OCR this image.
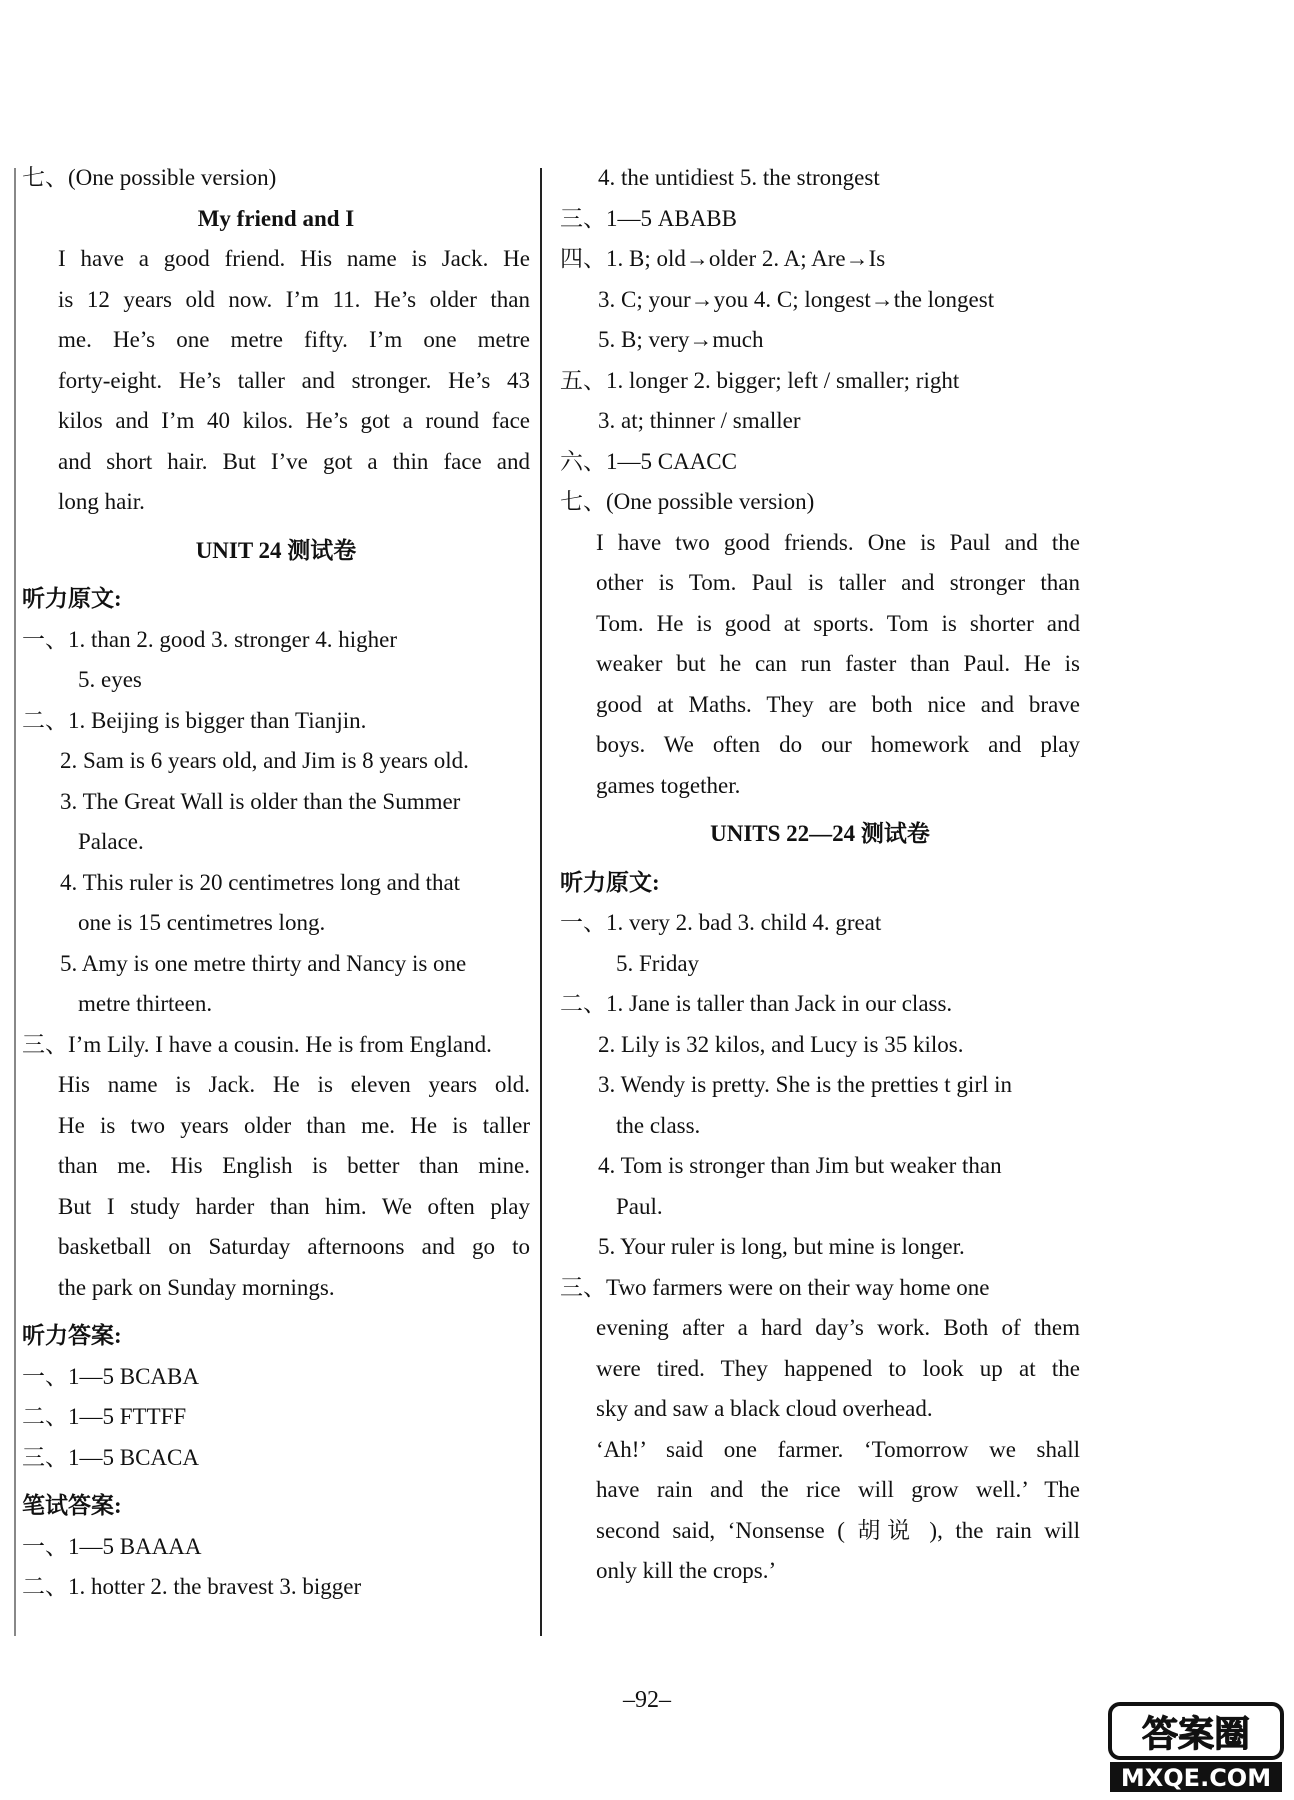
七、(One possible version)
My friend and I
I have a good friend. His name is Jack. He
is 12 years old now. I’m 11. He’s older than
me. He’s one metre fifty. I’m one metre
forty-eight. He’s taller and stronger. He’s 43
kilos and I’m 40 kilos. He’s got a round face
and short hair. But I’ve got a thin face and
long hair.
UNIT 24 测试卷
听力原文:
一、1. than 2. good 3. stronger 4. higher
5. eyes
二、1. Beijing is bigger than Tianjin.
2. Sam is 6 years old, and Jim is 8 years old.
3. The Great Wall is older than the Summer
Palace.
4. This ruler is 20 centimetres long and that
one is 15 centimetres long.
5. Amy is one metre thirty and Nancy is one
metre thirteen.
三、I’m Lily. I have a cousin. He is from England.
His name is Jack. He is eleven years old.
He is two years older than me. He is taller
than me. His English is better than mine.
But I study harder than him. We often play
basketball on Saturday afternoons and go to
the park on Sunday mornings.
听力答案:
一、1—5 BCABA
二、1—5 FTTFF
三、1—5 BCACA
笔试答案:
一、1—5 BAAAA
二、1. hotter 2. the bravest 3. bigger
4. the untidiest 5. the strongest
三、1—5 ABABB
四、1. B; old→older 2. A; Are→Is
3. C; your→you 4. C; longest→the longest
5. B; very→much
五、1. longer 2. bigger; left / smaller; right
3. at; thinner / smaller
六、1—5 CAACC
七、(One possible version)
I have two good friends. One is Paul and the
other is Tom. Paul is taller and stronger than
Tom. He is good at sports. Tom is shorter and
weaker but he can run faster than Paul. He is
good at Maths. They are both nice and brave
boys. We often do our homework and play
games together.
UNITS 22—24 测试卷
听力原文:
一、1. very 2. bad 3. child 4. great
5. Friday
二、1. Jane is taller than Jack in our class.
2. Lily is 32 kilos, and Lucy is 35 kilos.
3. Wendy is pretty. She is the pretties t girl in
the class.
4. Tom is stronger than Jim but weaker than
Paul.
5. Your ruler is long, but mine is longer.
三、Two farmers were on their way home one
evening after a hard day’s work. Both of them
were tired. They happened to look up at the
sky and saw a black cloud overhead.
‘Ah!’ said one farmer. ‘Tomorrow we shall
have rain and the rice will grow well.’ The
second said, ‘Nonsense ( 胡说 ), the rain will
only kill the crops.’
–92–
答案圈
MXQE.COM
